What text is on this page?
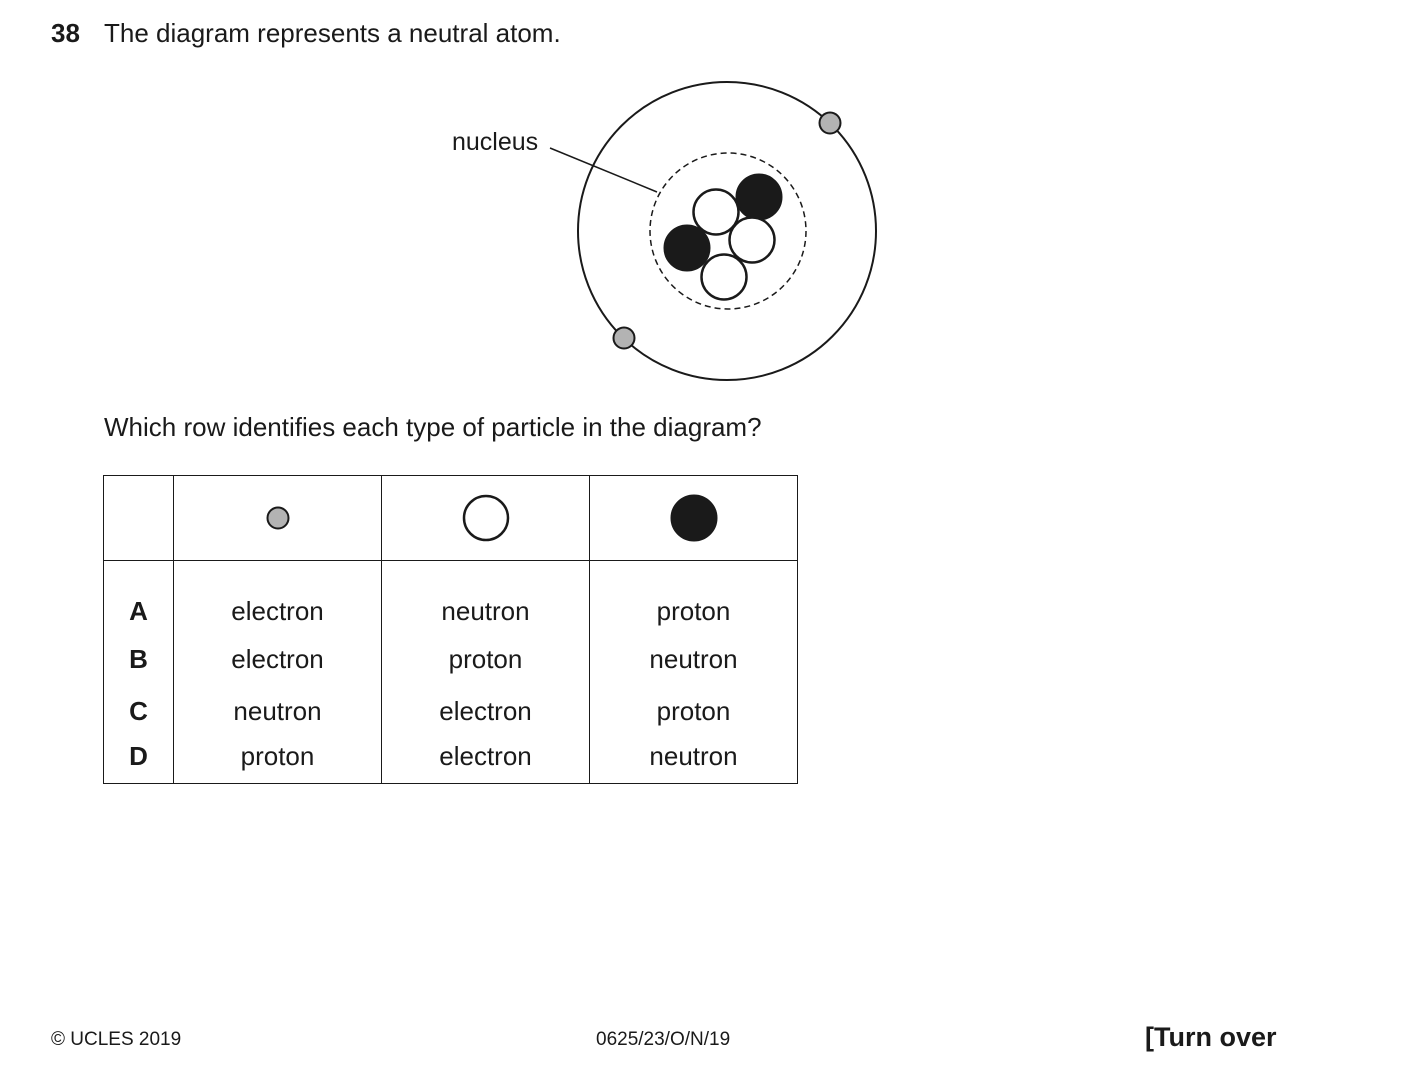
38 The diagram represents a neutral atom.
nucleus
Which row identifies each type of particle in the diagram?

A	electron	neutron	proton
B	electron	proton	neutron
C	neutron	electron	proton
D	proton	electron	neutron
© UCLES 2019	0625/23/O/N/19	[Turn over
